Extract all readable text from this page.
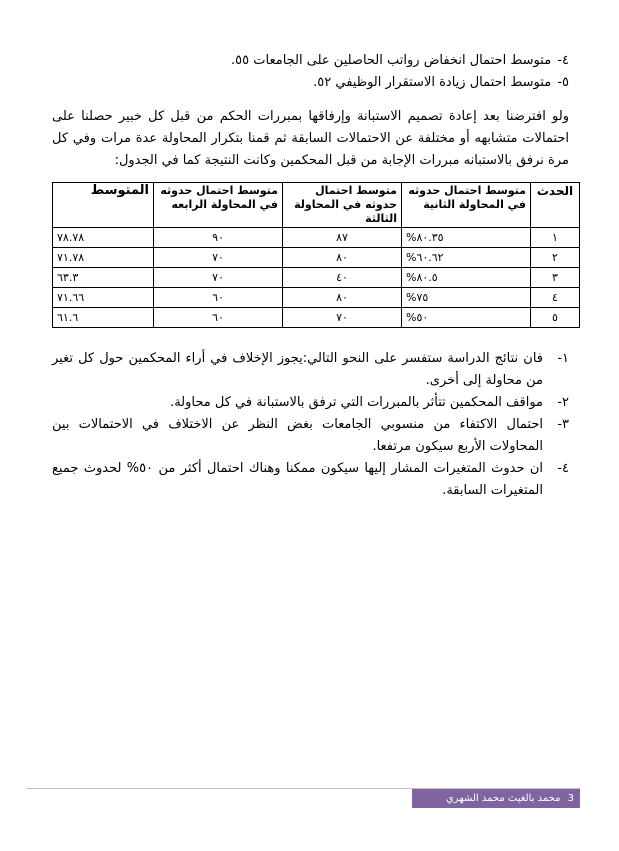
٤- متوسط احتمال انخفاض رواتب الحاصلين على الجامعات ٥٥.
٥- متوسط احتمال زيادة الاستقرار الوظيفي ٥٢.

ولو افترضنا بعد إعادة تصميم الاستبانة وإرفاقها بمبررات الحكم من قبل كل خبير حصلنا على احتمالات متشابهه أو مختلفة عن الاحتمالات السابقة ثم قمنا بتكرار المحاولة عدة مرات وفي كل مرة نرفق بالاستبانه مبررات الإجابة من قبل المحكمين وكانت النتيجة كما في الجدول:

الحدث	متوسط احتمال حدوثه في المحاولة الثانية	متوسط احتمال حدوثه في المحاولة الثالثة	متوسط احتمال حدوثه في المحاولة الرابعه	المتوسط
١	٨٠.٣٥%	٨٧	٩٠	٧٨.٧٨
٢	٦٠.٦٢%	٨٠	٧٠	٧١.٧٨
٣	٨٠.٥%	٤٠	٧٠	٦٣.٣
٤	٧٥%	٨٠	٦٠	٧١.٦٦
٥	٥٠%	٧٠	٦٠	٦١.٦
١-
فان نتائج الدراسة ستفسر على النحو التالي:يجوز الإخلاف في أراء المحكمين حول كل تغير من محاولة إلى أخرى.
٢-
مواقف المحكمين تتأثر بالمبررات التي ترفق بالاستبانة في كل محاولة.
٣-
احتمال الاكتفاء من منسوبي الجامعات بغض النظر عن الاختلاف في الاحتمالات بين المحاولات الأربع سيكون مرتفعا.
٤-
ان حدوث المتغيرات المشار إليها سيكون ممكنا وهناك احتمال أكثر من ٥٠% لحدوث جميع المتغيرات السابقة.
3 محمد بالغيث محمد الشهري
